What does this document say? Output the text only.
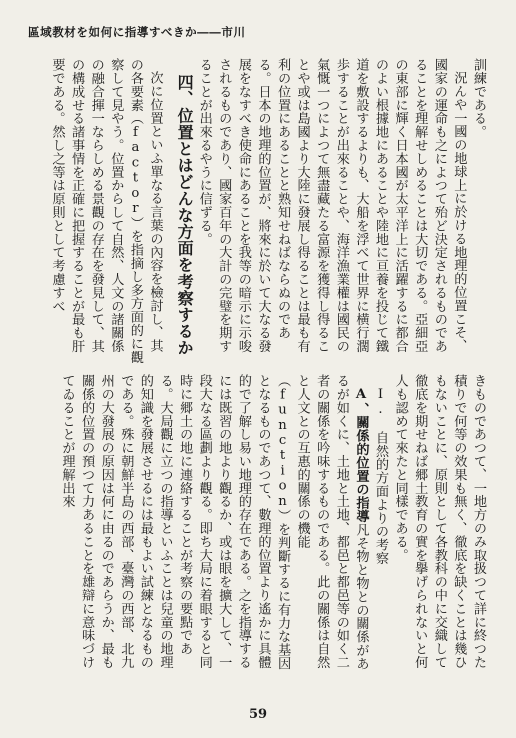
區域教材を如何に指導すべきか――市川

訓練である。

況んや一國の地球上に於ける地理的位置こそ、國家の運命も之によつて殆ど決定されるものであることを理解せしめることは大切である。亞細亞の東部に輝く日本國が太平洋上に活躍するに都合のよい根據地にあることや陸地に亘養を投じて鐵道を敷設するよりも、大船を浮べて世界に横行濶歩することが出來ることや、海洋漁業權は國民の氣慨一つによつて無盡藏たる富源を獲得し得ることや或は島國より大陸に發展し得ることは最も有利の位置にあることと熟知せねばならぬのである。日本の地理的位置が、將來に於いて大なる發展をなすべき使命にあることを我等の暗示に示唆されるものであり、國家百年の大計の完璧を期することが出來るやうに信ずる。

四、位置とはどんな方面を考察するか

次に位置といふ單なる言葉の內容を檢討し、其の各要素（factor）を指摘し多方面的に觀察して見やう。位置からして自然、人文の諸關係の融合揮一ならしめる景觀の存在を發見して、其の構成せる諸事情を正確に把握することが最も肝要である。然し之等は原則として考慮すべ

きものであつて、一地方のみ取扱つて詳に終つた積りで何等の效果も無く、徹底を缺くことは幾ひもないことに、原則として各教科の中に交織して徹底を期せねば郷土教育の實を擧げられないと何人も認めて來たと同樣である。

I.　自然的方面よりの考察

A、關係的位置の指導凡そ物と物との關係があるが如くに、土地と土地、都邑と都邑等の如く二者の關係を吟味するものである。此の關係は自然と人文との互惠的關係の機能（function）を判斷するに有力な基因となるものであつて、數理的位置より遙かに具體的で了解し易い地理的存在である。之を指導するには既習の地より觀るか、或は眼を擴大して、一段大なる區劃より觀る。即ち大局に着眼すると同時に郷土の地に連絡することが考察の要點である。大局觀に立つの指導といふことは兒童の地理的知識を發展させるには最もよい試練となるものである。殊に朝鮮半島の西部、臺灣の西部、北九州の大發展の原因は何に由るのであらうか、最も關係的位置の預つて力あることを雄辯に意味づけてゐることが理解出來

59
